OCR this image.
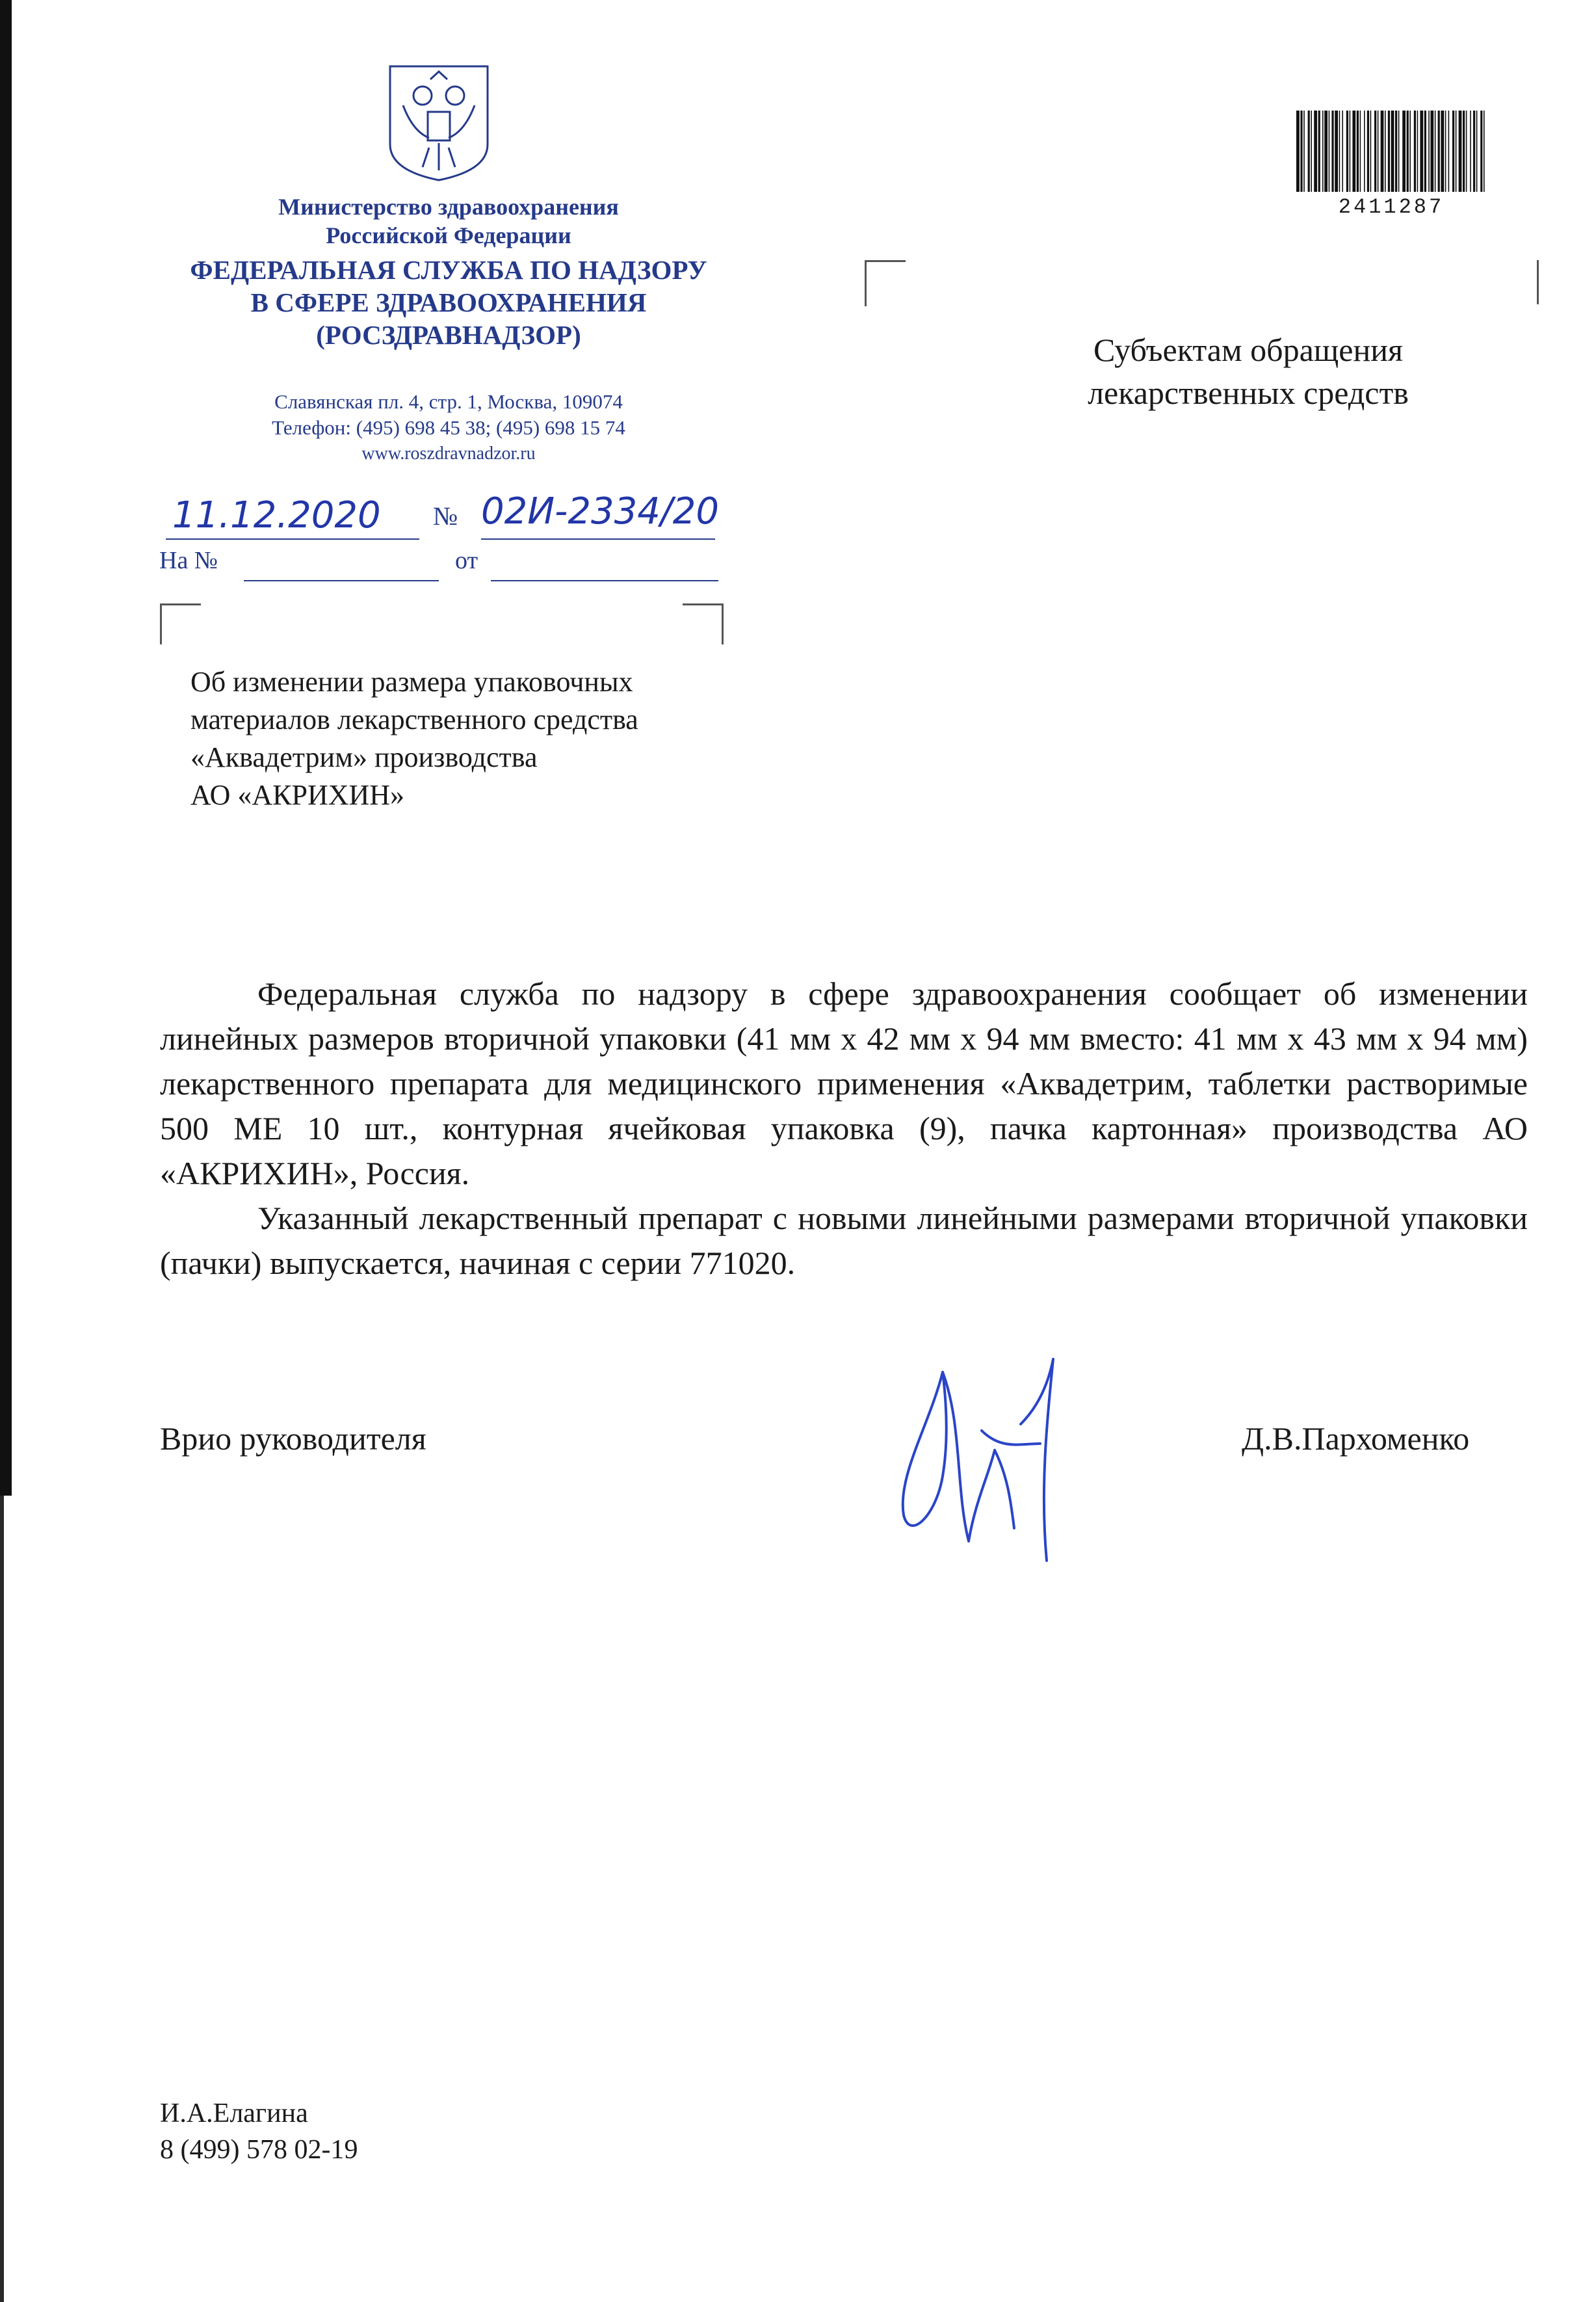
Министерство здравоохранения
Российской Федерации
ФЕДЕРАЛЬНАЯ СЛУЖБА ПО НАДЗОРУ
В СФЕРЕ ЗДРАВООХРАНЕНИЯ
(РОСЗДРАВНАДЗОР)
Славянская пл. 4, стр. 1, Москва, 109074
Телефон: (495) 698 45 38; (495) 698 15 74
www.roszdravnadzor.ru
11.12.2020 № 02И-2334/20
На №	от
2411287
Субъектам обращения
лекарственных средств
Об изменении размера упаковочных
материалов лекарственного средства
«Аквадетрим» производства
АО «АКРИХИН»

Федеральная служба по надзору в сфере здравоохранения сообщает об изменении линейных размеров вторичной упаковки (41 мм х 42 мм х 94 мм вместо: 41 мм х 43 мм х 94 мм) лекарственного препарата для медицинского применения «Аквадетрим, таблетки растворимые 500 МЕ 10 шт., контурная ячейковая упаковка (9), пачка картонная» производства АО «АКРИХИН», Россия.

Указанный лекарственный препарат с новыми линейными размерами вторичной упаковки (пачки) выпускается, начиная с серии 771020.

Врио руководителя	Д.В.Пархоменко
И.А.Елагина
8 (499) 578 02-19
